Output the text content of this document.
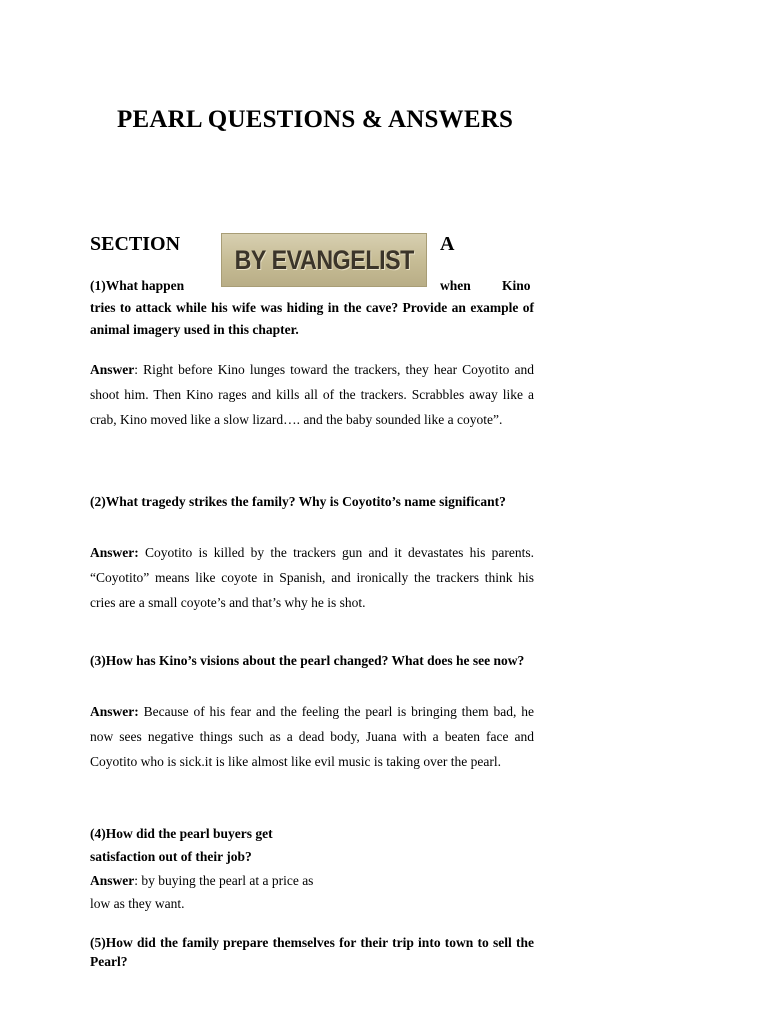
PEARL QUESTIONS & ANSWERS
SECTION
BY EVANGELIST
A
(1)What happen	when Kino
tries to attack while his wife was hiding in the cave? Provide an example of animal imagery used in this chapter.
Answer: Right before Kino lunges toward the trackers, they hear Coyotito and shoot him. Then Kino rages and kills all of the trackers. Scrabbles away like a crab, Kino moved like a slow lizard…. and the baby sounded like a coyote”.
(2)What tragedy strikes the family? Why is Coyotito’s name significant?
Answer: Coyotito is killed by the trackers gun and it devastates his parents. “Coyotito” means like coyote in Spanish, and ironically the trackers think his cries are a small coyote’s and that’s why he is shot.
(3)How has Kino’s visions about the pearl changed? What does he see now?
Answer: Because of his fear and the feeling the pearl is bringing them bad, he now sees negative things such as a dead body, Juana with a beaten face and Coyotito who is sick.it is like almost like evil music is taking over the pearl.
(4)How did the pearl buyers get
satisfaction out of their job?
Answer: by buying the pearl at a price as
low as they want.
(5)How did the family prepare themselves for their trip into town to sell the Pearl?
